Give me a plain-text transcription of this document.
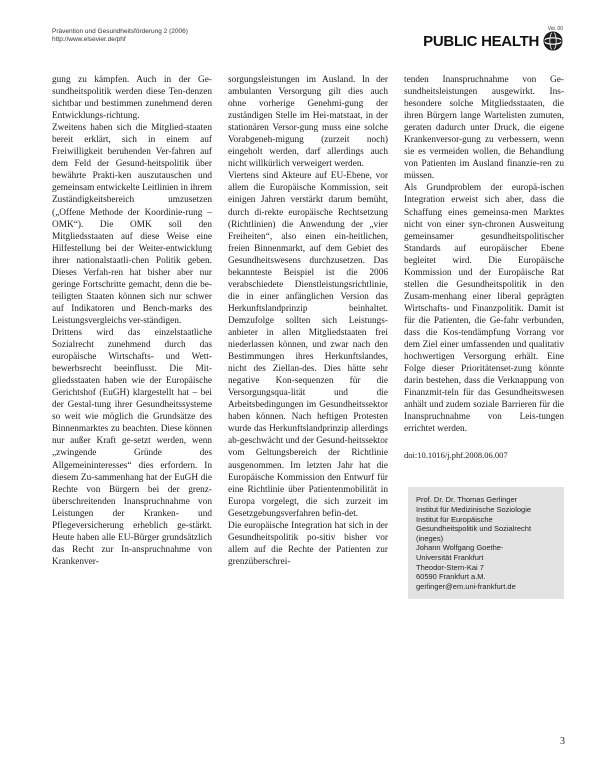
Prävention und Gesundheitsförderung 2 (2006)
http://www.elsevier.de/phf
Vol. 00
PUBLIC HEALTH

gung zu kämpfen. Auch in der Ge-sundheitspolitik werden diese Ten-denzen sichtbar und bestimmen zunehmend deren Entwicklungs-richtung.

Zweitens haben sich die Mitglied-staaten bereit erklärt, sich in einem auf Freiwilligkeit beruhenden Ver-fahren auf dem Feld der Gesund-heitspolitik über bewährte Prakti-ken auszutauschen und gemeinsam entwickelte Leitlinien in ihrem Zuständigkeitsbereich umzusetzen („Offene Methode der Koordinie-rung – OMK“). Die OMK soll den Mitgliedsstaaten auf diese Weise eine Hilfestellung bei der Weiter-entwicklung ihrer nationalstaatli-chen Politik geben. Dieses Verfah-ren hat bisher aber nur geringe Fortschritte gemacht, denn die be-teiligten Staaten können sich nur schwer auf Indikatoren und Bench-marks des Leistungsvergleichs ver-ständigen.

Drittens wird das einzelstaatliche Sozialrecht zunehmend durch das europäische Wirtschafts- und Wett-bewerbsrecht beeinflusst. Die Mit-gliedsstaaten haben wie der Europäische Gerichtshof (EuGH) klargestellt hat – bei der Gestal-tung ihrer Gesundheitssysteme so weit wie möglich die Grundsätze des Binnenmarktes zu beachten. Diese können nur außer Kraft ge-setzt werden, wenn „zwingende Gründe des Allgemeininteresses“ dies erfordern. In diesem Zu-sammenhang hat der EuGH die Rechte von Bürgern bei der grenz-überschreitenden Inanspruchnahme von Leistungen der Kranken- und Pflegeversicherung erheblich ge-stärkt. Heute haben alle EU-Bürger grundsätzlich das Recht zur In-anspruchnahme von Krankenver-

sorgungsleistungen im Ausland. In der ambulanten Versorgung gilt dies auch ohne vorherige Genehmi-gung der zuständigen Stelle im Hei-matstaat, in der stationären Versor-gung muss eine solche Vorabgeneh-migung (zurzeit noch) eingeholt werden, darf allerdings auch nicht willkürlich verweigert werden.

Viertens sind Akteure auf EU-Ebene, vor allem die Europäische Kommission, seit einigen Jahren verstärkt darum bemüht, durch di-rekte europäische Rechtsetzung (Richtlinien) die Anwendung der „vier Freiheiten“, also einen ein-heitlichen, freien Binnenmarkt, auf dem Gebiet des Gesundheitswesens durchzusetzen. Das bekannteste Beispiel ist die 2006 verabschiedete Dienstleistungsrichtlinie, die in einer anfänglichen Version das Herkunftslandprinzip beinhaltet. Demzufolge sollten sich Leistungs-anbieter in allen Mitgliedstaaten frei niederlassen können, und zwar nach den Bestimmungen ihres Herkunftslandes, nicht des Ziellan-des. Dies hätte sehr negative Kon-sequenzen für die Versorgungsqua-lität und die Arbeitsbedingungen im Gesundheitssektor haben können. Nach heftigen Protesten wurde das Herkunftslandprinzip allerdings ab-geschwächt und der Gesund-heitssektor vom Geltungsbereich der Richtlinie ausgenommen. Im letzten Jahr hat die Europäische Kommission den Entwurf für eine Richtlinie über Patientenmobilität in Europa vorgelegt, die sich zurzeit im Gesetzgebungsverfahren befin-det.

Die europäische Integration hat sich in der Gesundheitspolitik po-sitiv bisher vor allem auf die Rechte der Patienten zur grenzüberschrei-

tenden Inanspruchnahme von Ge-sundheitsleistungen ausgewirkt. Ins-besondere solche Mitgliedsstaaten, die ihren Bürgern lange Wartelisten zumuten, geraten dadurch unter Druck, die eigene Krankenversor-gung zu verbessern, wenn sie es vermeiden wollen, die Behandlung von Patienten im Ausland finanzie-ren zu müssen.

Als Grundproblem der europä-ischen Integration erweist sich aber, dass die Schaffung eines gemeinsa-men Marktes nicht von einer syn-chronen Ausweitung gemeinsamer gesundheitspolitischer Standards auf europäischer Ebene begleitet wird. Die Europäische Kommission und der Europäische Rat stellen die Gesundheitspolitik in den Zusam-menhang einer liberal geprägten Wirtschafts- und Finanzpolitik. Damit ist für die Patienten, die Ge-fahr verbunden, dass die Kos-tendämpfung Vorrang vor dem Ziel einer umfassenden und qualitativ hochwertigen Versorgung erhält. Eine Folge dieser Prioritätenset-zung könnte darin bestehen, dass die Verknappung von Finanzmit-teln für das Gesundheitswesen anhält und zudem soziale Barrieren für die Inanspruchnahme von Leis-tungen errichtet werden.

doi:10.1016/j.phf.2008.06.007

Prof. Dr. Dr. Thomas Gerlinger
Institut für Medizinische Soziologie
Institut für Europäische
Gesundheitspolitik und Sozialrecht
(ineges)
Johann Wolfgang Goethe-
Universität Frankfurt
Theodor-Stern-Kai 7
60590 Frankfurt a.M.
gerlinger@em.uni-frankfurt.de
3
